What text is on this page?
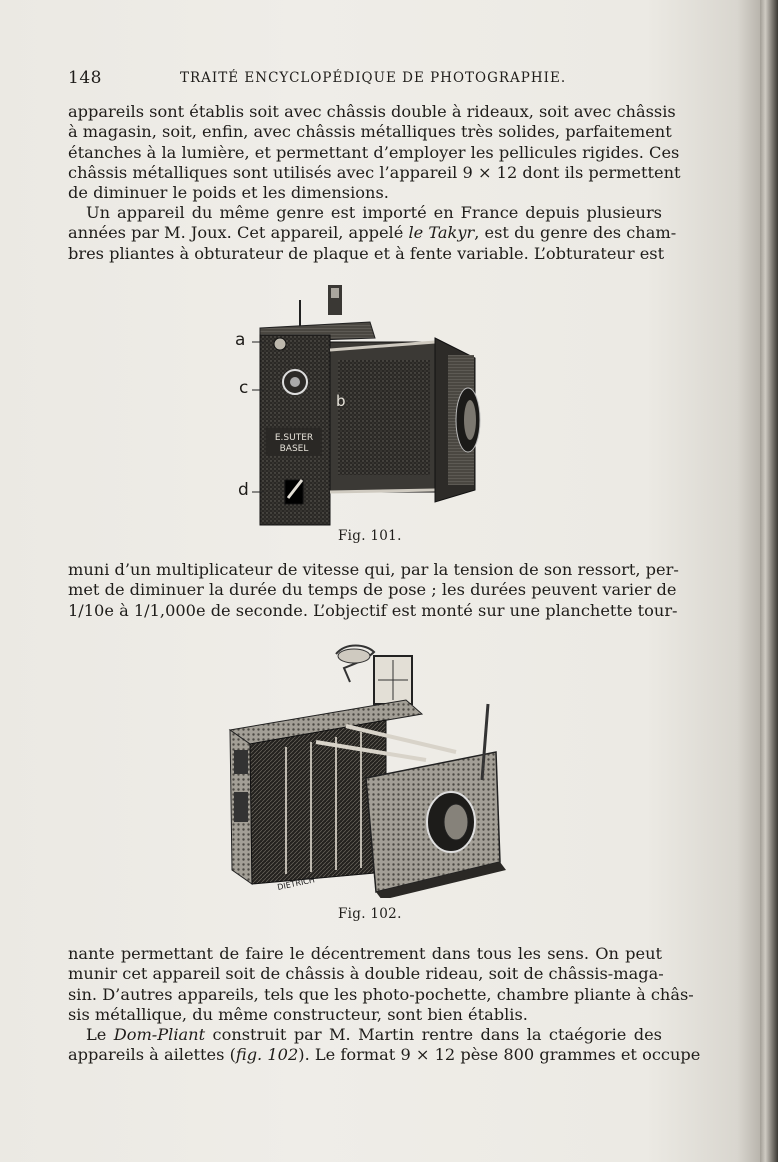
148	TRAITÉ ENCYCLOPÉDIQUE DE PHOTOGRAPHIE.
appareils sont établis soit avec châssis double à rideaux, soit avec châssis
à magasin, soit, enfin, avec châssis métalliques très solides, parfaitement
étanches à la lumière, et permettant d’employer les pellicules rigides. Ces
châssis métalliques sont utilisés avec l’appareil 9 × 12 dont ils permettent
de diminuer le poids et les dimensions.
Un appareil du même genre est importé en France depuis plusieurs
années par M. Joux. Cet appareil, appelé le Takyr, est du genre des cham-
bres pliantes à obturateur de plaque et à fente variable. L’obturateur est
E.SUTER
BASEL
a
c
b
d
Fig. 101.
muni d’un multiplicateur de vitesse qui, par la tension de son ressort, per-
met de diminuer la durée du temps de pose ; les durées peuvent varier de
1/10e à 1/1,000e de seconde. L’objectif est monté sur une planchette tour-
DIETRICH
Fig. 102.
nante permettant de faire le décentrement dans tous les sens. On peut
munir cet appareil soit de châssis à double rideau, soit de châssis-maga-
sin. D’autres appareils, tels que les photo-pochette, chambre pliante à châs-
sis métallique, du même constructeur, sont bien établis.
Le Dom-Pliant construit par M. Martin rentre dans la ctaégorie des
appareils à ailettes (fig. 102). Le format 9 × 12 pèse 800 grammes et occupe
